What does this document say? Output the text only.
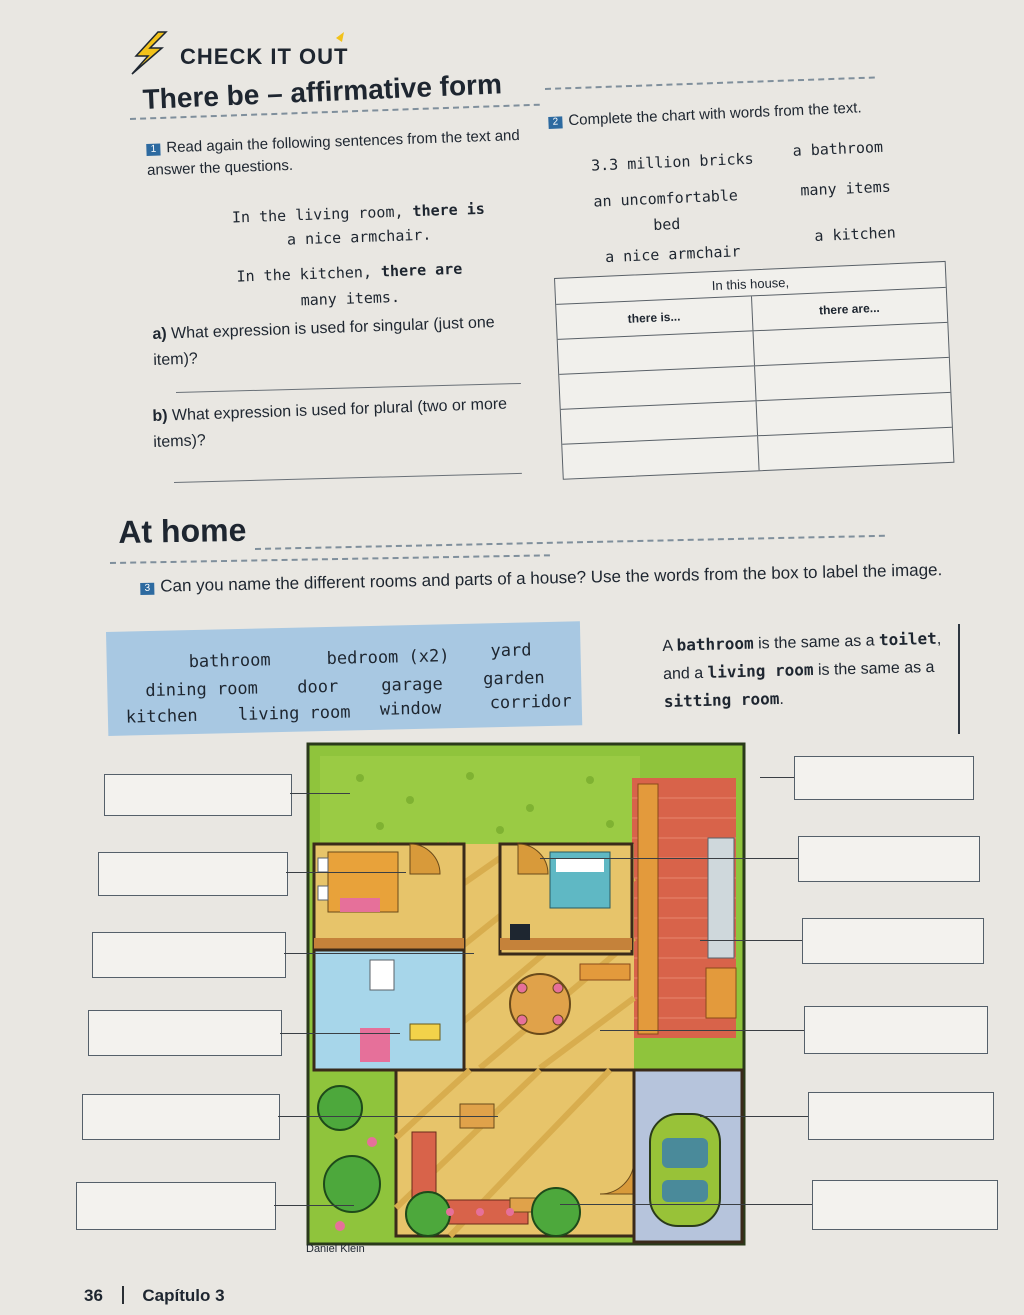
CHECK IT OUT
There be – affirmative form
1 Read again the following sentences from the text and answer the questions.
In the living room, there is
a nice armchair.
In the kitchen, there are
many items.
a) What expression is used for singular (just one item)?
b) What expression is used for plural (two or more items)?
2 Complete the chart with words from the text.
3.3 million bricks
a bathroom
an uncomfortable bed
many items
a nice armchair
a kitchen
In this house,
there is...
there are...
At home
3 Can you name the different rooms and parts of a house? Use the words from the box to label the image.
bathroom	bedroom (x2) yard
dining room door	garage garden
kitchen living room window	corridor
A bathroom is the same as a toilet, and a living room is the same as a sitting room.
Daniel Klein
36 Capítulo 3
